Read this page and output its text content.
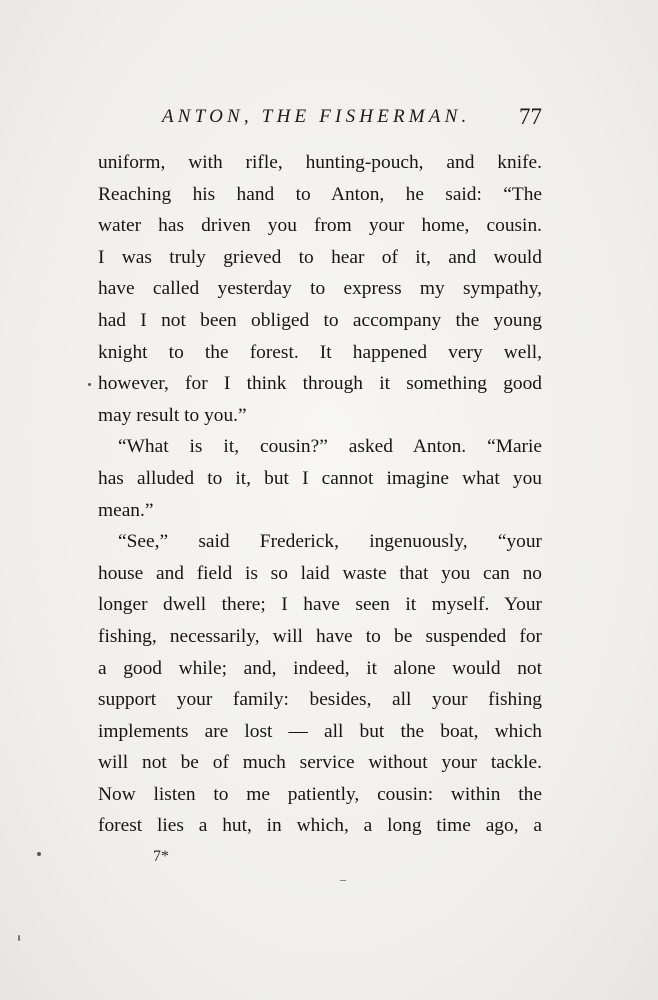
ANTON, THE FISHERMAN. 77
uniform, with rifle, hunting-pouch, and knife.
Reaching his hand to Anton, he said: “The
water has driven you from your home, cousin.
I was truly grieved to hear of it, and would
have called yesterday to express my sympathy,
had I not been obliged to accompany the young
knight to the forest. It happened very well,
however, for I think through it something good
may result to you.”
“What is it, cousin?” asked Anton. “Marie
has alluded to it, but I cannot imagine what you
mean.”
“See,” said Frederick, ingenuously, “your
house and field is so laid waste that you can no
longer dwell there; I have seen it myself. Your
fishing, necessarily, will have to be suspended for
a good while; and, indeed, it alone would not
support your family: besides, all your fishing
implements are lost — all but the boat, which
will not be of much service without your tackle.
Now listen to me patiently, cousin: within the
forest lies a hut, in which, a long time ago, a
7*
